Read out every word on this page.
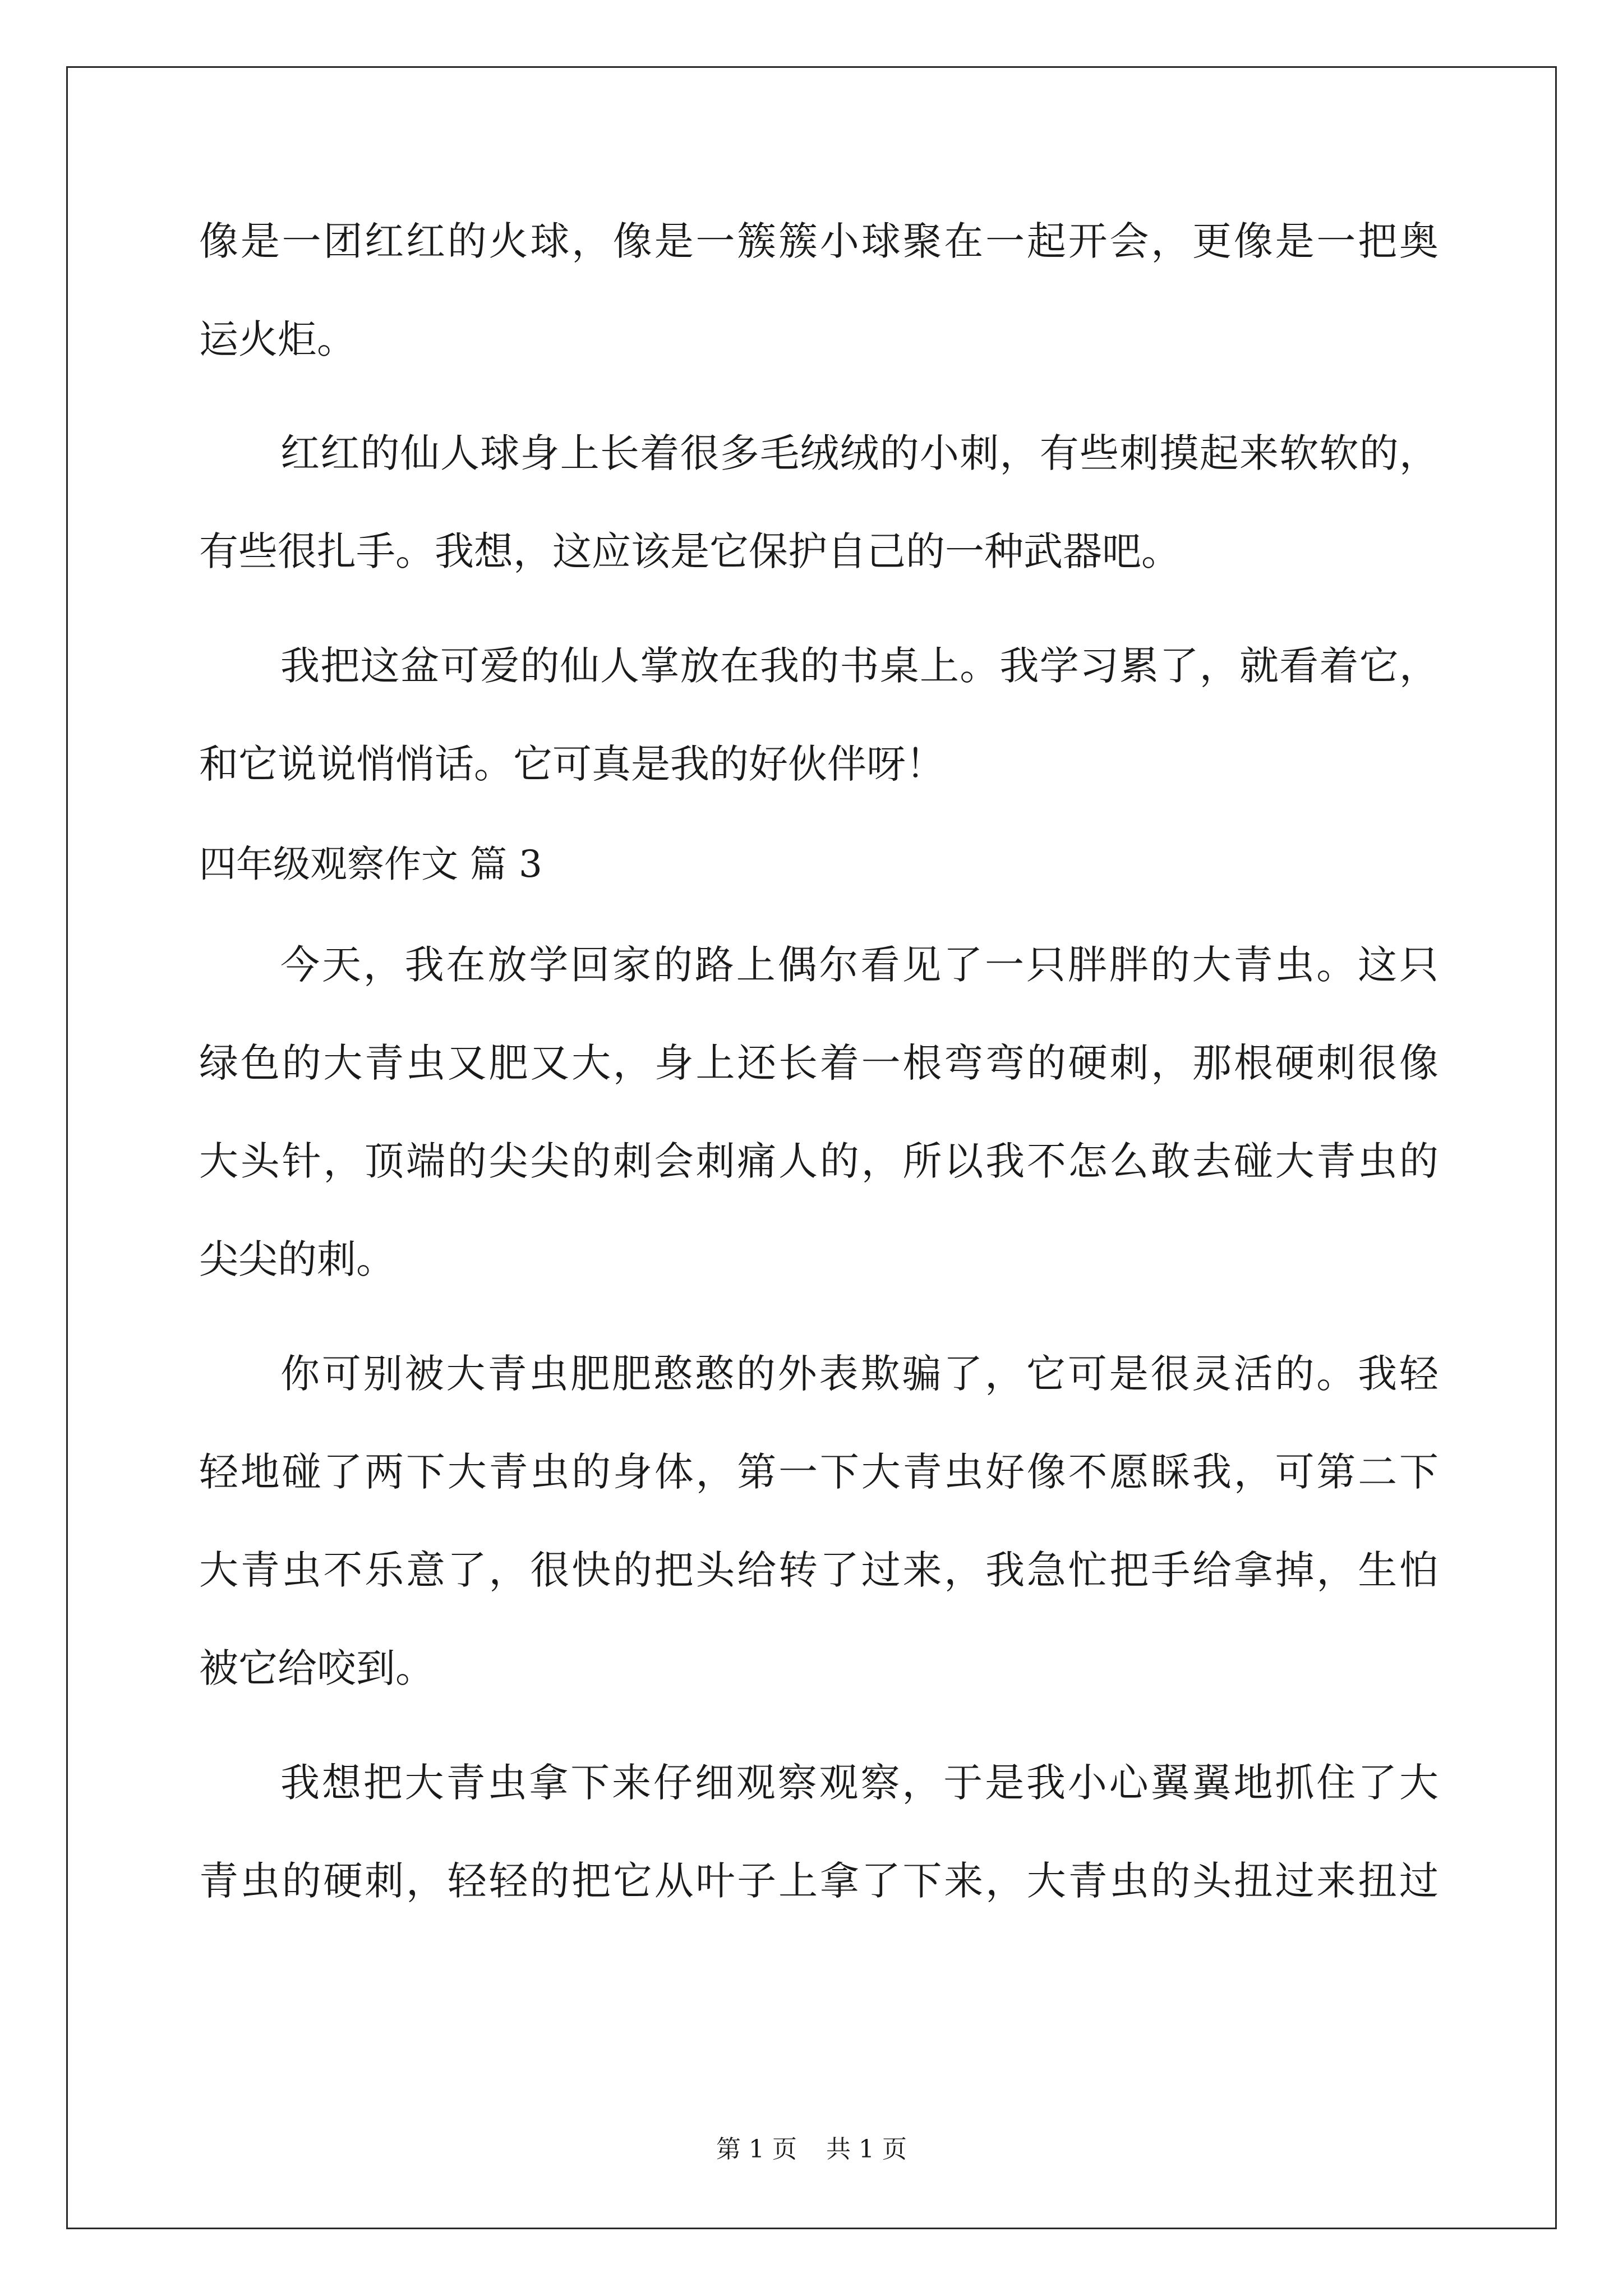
像是一团红红的火球，像是一簇簇小球聚在一起开会，更像是一把奥
运火炬。
红红的仙人球身上长着很多毛绒绒的小刺，有些刺摸起来软软的，
有些很扎手。我想，这应该是它保护自己的一种武器吧。
我把这盆可爱的仙人掌放在我的书桌上。我学习累了，就看着它，
和它说说悄悄话。它可真是我的好伙伴呀！
四年级观察作文 篇 3
今天，我在放学回家的路上偶尔看见了一只胖胖的大青虫。这只
绿色的大青虫又肥又大，身上还长着一根弯弯的硬刺，那根硬刺很像
大头针，顶端的尖尖的刺会刺痛人的，所以我不怎么敢去碰大青虫的
尖尖的刺。
你可别被大青虫肥肥憨憨的外表欺骗了，它可是很灵活的。我轻
轻地碰了两下大青虫的身体，第一下大青虫好像不愿睬我，可第二下
大青虫不乐意了，很快的把头给转了过来，我急忙把手给拿掉，生怕
被它给咬到。
我想把大青虫拿下来仔细观察观察，于是我小心翼翼地抓住了大
青虫的硬刺，轻轻的把它从叶子上拿了下来，大青虫的头扭过来扭过
第 1 页 共 1 页
